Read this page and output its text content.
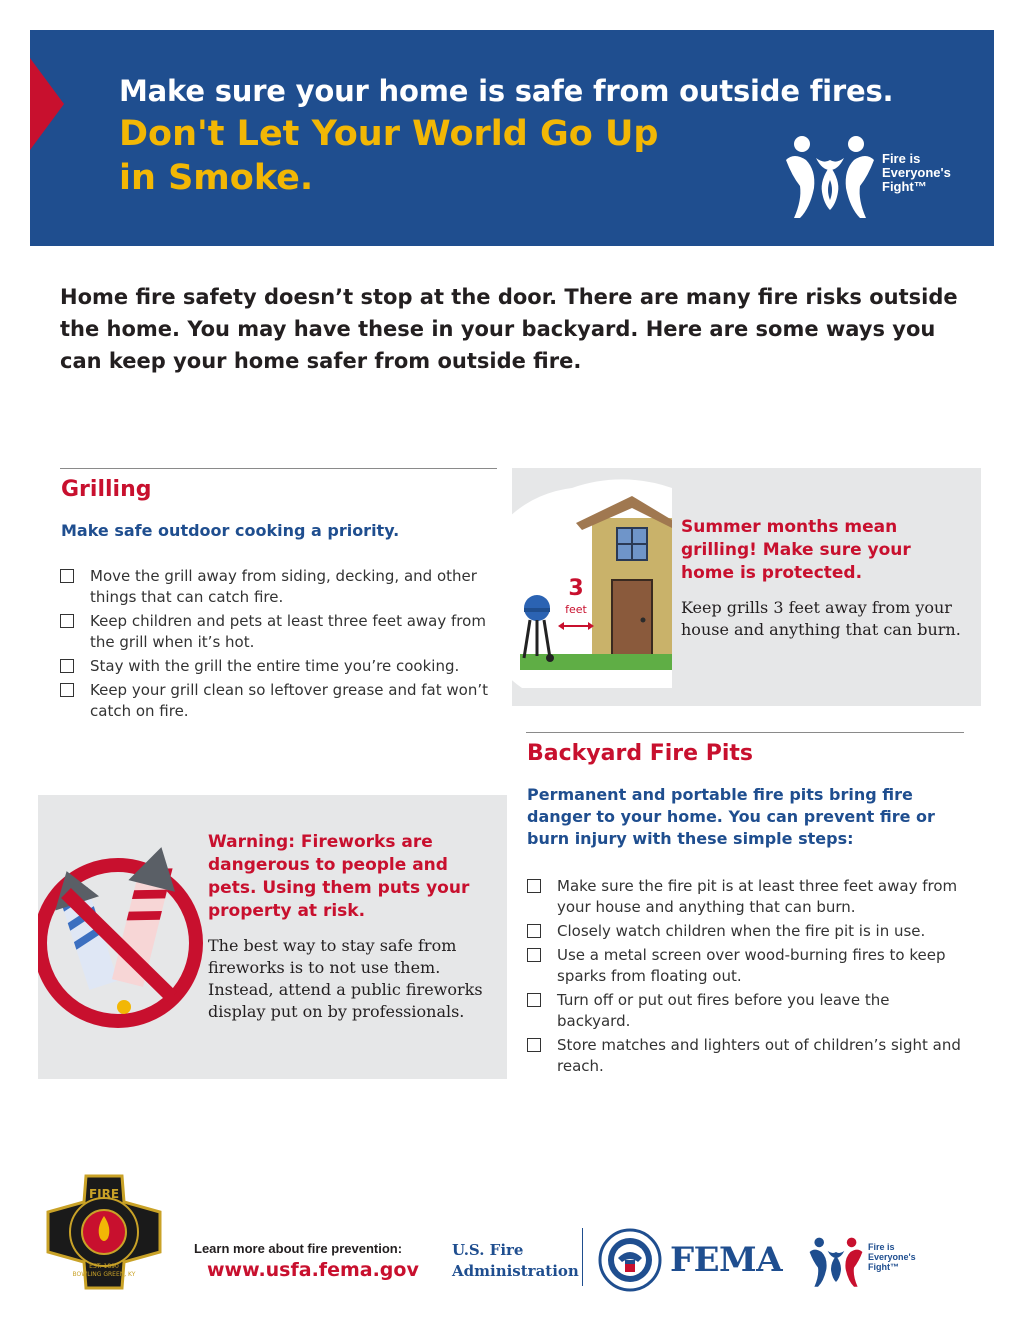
Make sure your home is safe from outside fires.
Don't Let Your World Go Up in Smoke.	Fire is Everyone's Fight™
Home fire safety doesn’t stop at the door. There are many fire risks outside the home. You may have these in your backyard. Here are some ways you can keep your home safer from outside fire.
Grilling
Make safe outdoor cooking a priority.
Move the grill away from siding, decking, and other things that can catch fire.
Keep children and pets at least three feet away from the grill when it’s hot.
Stay with the grill the entire time you’re cooking.
Keep your grill clean so leftover grease and fat won’t catch on fire.
3
feet
Summer months mean grilling! Make sure your home is protected.
Keep grills 3 feet away from your house and anything that can burn.
Warning: Fireworks are dangerous to people and pets. Using them puts your property at risk.
The best way to stay safe from fireworks is to not use them. Instead, attend a public fireworks display put on by professionals.
Backyard Fire Pits
Permanent and portable fire pits bring fire danger to your home. You can prevent fire or burn injury with these simple steps:
Make sure the fire pit is at least three feet away from your house and anything that can burn.
Closely watch children when the fire pit is in use.
Use a metal screen over wood-burning fires to keep sparks from floating out.
Turn off or put out fires before you leave the backyard.
Store matches and lighters out of children’s sight and reach.
FIRE
BOWLING GREEN, KY
EST. 1890
Learn more about fire prevention:
www.usfa.fema.gov
U.S. Fire
Administration	FEMA	Fire is Everyone's Fight™
